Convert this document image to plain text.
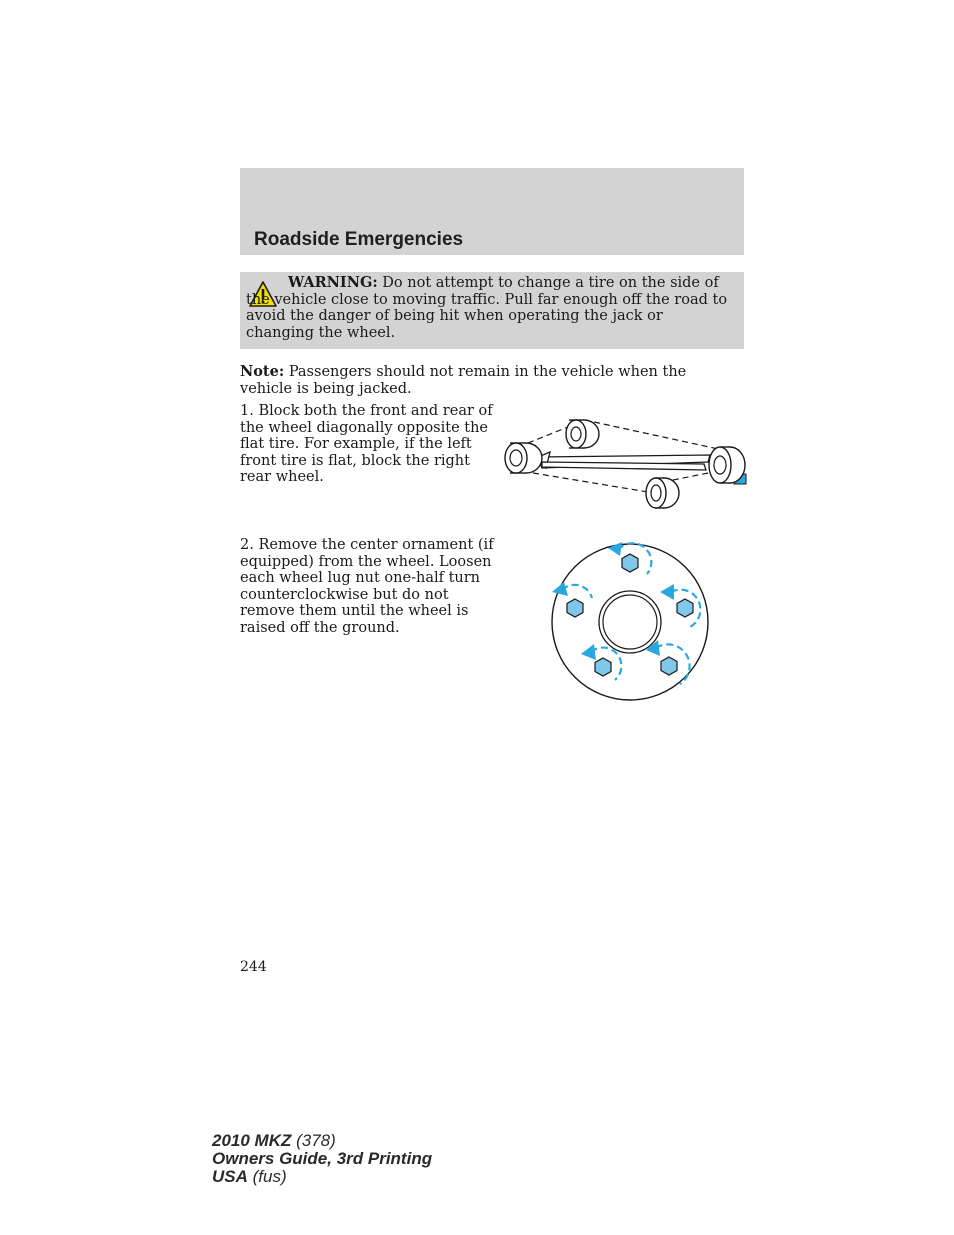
Roadside Emergencies

WARNING: Do not attempt to change a tire on the side of the vehicle close to moving traffic. Pull far enough off the road to avoid the danger of being hit when operating the jack or changing the wheel.

Note: Passengers should not remain in the vehicle when the vehicle is being jacked.

1. Block both the front and rear of the wheel diagonally opposite the flat tire. For example, if the left front tire is flat, block the right rear wheel.

2. Remove the center ornament (if equipped) from the wheel. Loosen each wheel lug nut one-half turn counterclockwise but do not remove them until the wheel is raised off the ground.

244

2010 MKZ (378)
Owners Guide, 3rd Printing
USA (fus)
